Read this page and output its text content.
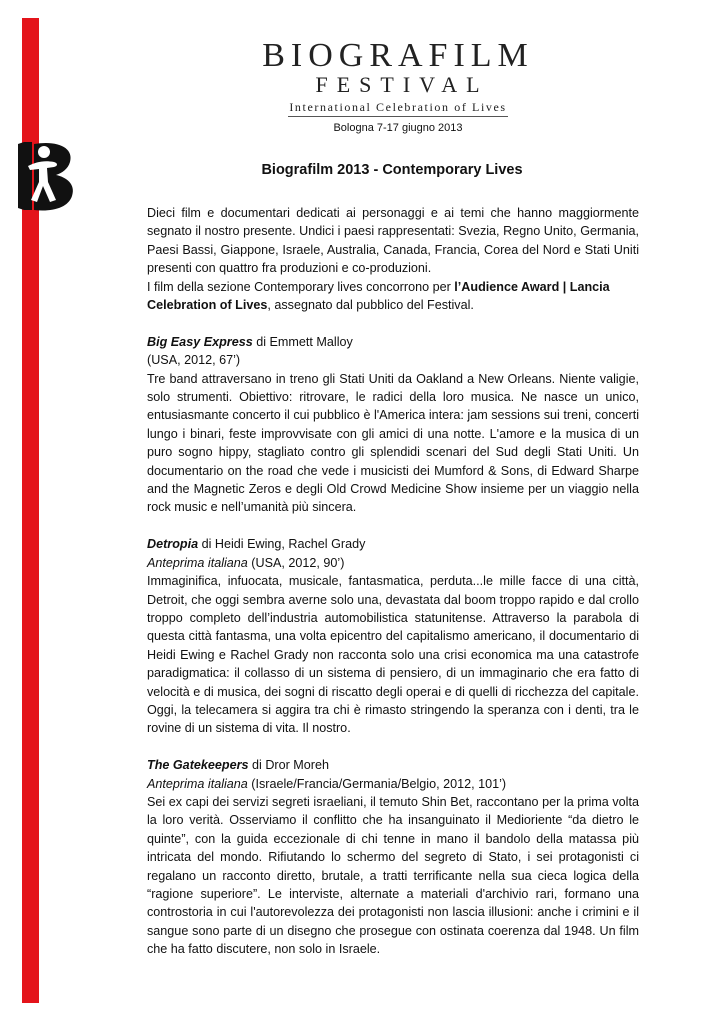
BIOGRAFILM
FESTIVAL
International Celebration of Lives
Bologna 7-17 giugno 2013
Biografilm 2013 - Contemporary Lives

Dieci film e documentari dedicati ai personaggi e ai temi che hanno maggiormente segnato il nostro presente. Undici i paesi rappresentati: Svezia, Regno Unito, Germania, Paesi Bassi, Giappone, Israele, Australia, Canada, Francia, Corea del Nord e Stati Uniti presenti con quattro fra produzioni e co-produzioni.

I film della sezione Contemporary lives concorrono per l’Audience Award | Lancia Celebration of Lives, assegnato dal pubblico del Festival.

Big Easy Express di Emmett Malloy

(USA, 2012, 67’)

Tre band attraversano in treno gli Stati Uniti da Oakland a New Orleans. Niente valigie, solo strumenti. Obiettivo: ritrovare, le radici della loro musica. Ne nasce un unico, entusiasmante concerto il cui pubblico è l'America intera: jam sessions sui treni, concerti lungo i binari, feste improvvisate con gli amici di una notte. L'amore e la musica di un puro sogno hippy, stagliato contro gli splendidi scenari del Sud degli Stati Uniti. Un documentario on the road che vede i musicisti dei Mumford & Sons, di Edward Sharpe and the Magnetic Zeros e degli Old Crowd Medicine Show insieme per un viaggio nella rock music e nell’umanità più sincera.

Detropia di Heidi Ewing, Rachel Grady

Anteprima italiana (USA, 2012, 90’)

Immaginifica, infuocata, musicale, fantasmatica, perduta...le mille facce di una città, Detroit, che oggi sembra averne solo una, devastata dal boom troppo rapido e dal crollo troppo completo dell’industria automobilistica statunitense. Attraverso la parabola di questa città fantasma, una volta epicentro del capitalismo americano, il documentario di Heidi Ewing e Rachel Grady non racconta solo una crisi economica ma una catastrofe paradigmatica: il collasso di un sistema di pensiero, di un immaginario che era fatto di velocità e di musica, dei sogni di riscatto degli operai e di quelli di ricchezza del capitale. Oggi, la telecamera si aggira tra chi è rimasto stringendo la speranza con i denti, tra le rovine di un sistema di vita. Il nostro.

The Gatekeepers di Dror Moreh

Anteprima italiana (Israele/Francia/Germania/Belgio, 2012, 101’)

Sei ex capi dei servizi segreti israeliani, il temuto Shin Bet, raccontano per la prima volta la loro verità. Osserviamo il conflitto che ha insanguinato il Medioriente “da dietro le quinte”, con la guida eccezionale di chi tenne in mano il bandolo della matassa più intricata del mondo. Rifiutando lo schermo del segreto di Stato, i sei protagonisti ci regalano un racconto diretto, brutale, a tratti terrificante nella sua cieca logica della “ragione superiore”. Le interviste, alternate a materiali d'archivio rari, formano una controstoria in cui l'autorevolezza dei protagonisti non lascia illusioni: anche i crimini e il sangue sono parte di un disegno che prosegue con ostinata coerenza dal 1948. Un film che ha fatto discutere, non solo in Israele.
